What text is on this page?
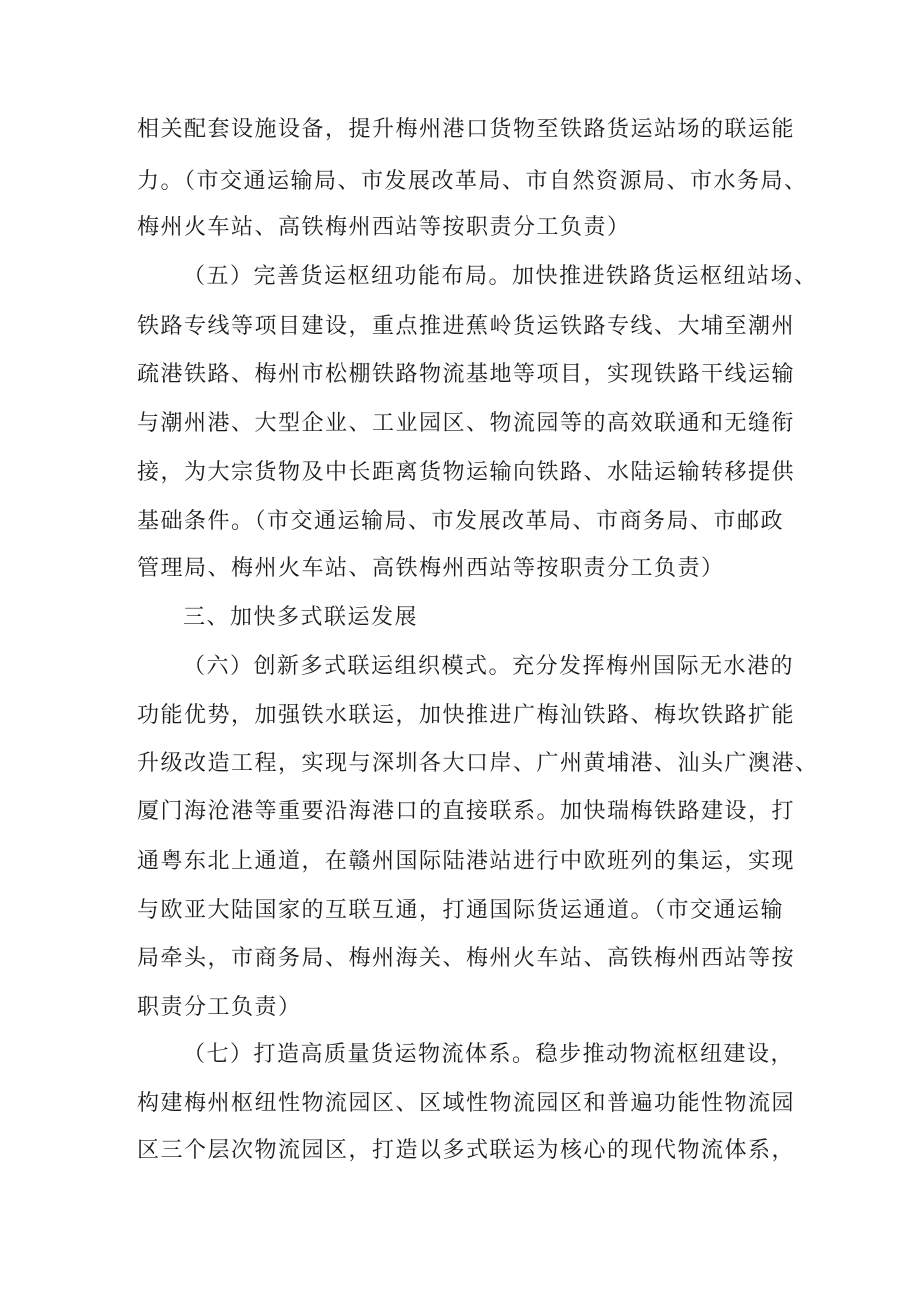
相关配套设施设备，提升梅州港口货物至铁路货运站场的联运能
力。（市交通运输局、市发展改革局、市自然资源局、市水务局、
梅州火车站、高铁梅州西站等按职责分工负责）
（五）完善货运枢纽功能布局。加快推进铁路货运枢纽站场、
铁路专线等项目建设，重点推进蕉岭货运铁路专线、大埔至潮州
疏港铁路、梅州市松棚铁路物流基地等项目，实现铁路干线运输
与潮州港、大型企业、工业园区、物流园等的高效联通和无缝衔
接，为大宗货物及中长距离货物运输向铁路、水陆运输转移提供
基础条件。（市交通运输局、市发展改革局、市商务局、市邮政
管理局、梅州火车站、高铁梅州西站等按职责分工负责）
三、加快多式联运发展
（六）创新多式联运组织模式。充分发挥梅州国际无水港的
功能优势，加强铁水联运，加快推进广梅汕铁路、梅坎铁路扩能
升级改造工程，实现与深圳各大口岸、广州黄埔港、汕头广澳港、
厦门海沧港等重要沿海港口的直接联系。加快瑞梅铁路建设，打
通粤东北上通道，在赣州国际陆港站进行中欧班列的集运，实现
与欧亚大陆国家的互联互通，打通国际货运通道。（市交通运输
局牵头，市商务局、梅州海关、梅州火车站、高铁梅州西站等按
职责分工负责）
（七）打造高质量货运物流体系。稳步推动物流枢纽建设，
构建梅州枢纽性物流园区、区域性物流园区和普遍功能性物流园
区三个层次物流园区，打造以多式联运为核心的现代物流体系，
